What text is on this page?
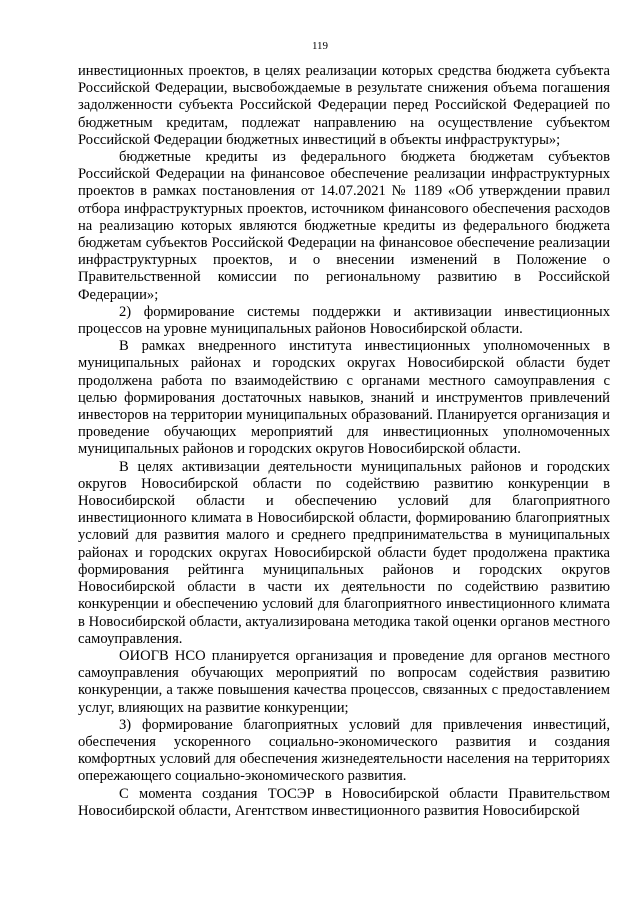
119

инвестиционных проектов, в целях реализации которых средства бюджета субъекта Российской Федерации, высвобождаемые в результате снижения объема погашения задолженности субъекта Российской Федерации перед Российской Федерацией по бюджетным кредитам, подлежат направлению на осуществление субъектом Российской Федерации бюджетных инвестиций в объекты инфраструктуры»;

бюджетные кредиты из федерального бюджета бюджетам субъектов Российской Федерации на финансовое обеспечение реализации инфраструктурных проектов в рамках постановления от 14.07.2021 № 1189 «Об утверждении правил отбора инфраструктурных проектов, источником финансового обеспечения расходов на реализацию которых являются бюджетные кредиты из федерального бюджета бюджетам субъектов Российской Федерации на финансовое обеспечение реализации инфраструктурных проектов, и о внесении изменений в Положение о Правительственной комиссии по региональному развитию в Российской Федерации»;

2) формирование системы поддержки и активизации инвестиционных процессов на уровне муниципальных районов Новосибирской области.

В рамках внедренного института инвестиционных уполномоченных в муниципальных районах и городских округах Новосибирской области будет продолжена работа по взаимодействию с органами местного самоуправления с целью формирования достаточных навыков, знаний и инструментов привлечений инвесторов на территории муниципальных образований. Планируется организация и проведение обучающих мероприятий для инвестиционных уполномоченных муниципальных районов и городских округов Новосибирской области.

В целях активизации деятельности муниципальных районов и городских округов Новосибирской области по содействию развитию конкуренции в Новосибирской области и обеспечению условий для благоприятного инвестиционного климата в Новосибирской области, формированию благоприятных условий для развития малого и среднего предпринимательства в муниципальных районах и городских округах Новосибирской области будет продолжена практика формирования рейтинга муниципальных районов и городских округов Новосибирской области в части их деятельности по содействию развитию конкуренции и обеспечению условий для благоприятного инвестиционного климата в Новосибирской области, актуализирована методика такой оценки органов местного самоуправления.

ОИОГВ НСО планируется организация и проведение для органов местного самоуправления обучающих мероприятий по вопросам содействия развитию конкуренции, а также повышения качества процессов, связанных с предоставлением услуг, влияющих на развитие конкуренции;

3) формирование благоприятных условий для привлечения инвестиций, обеспечения ускоренного социально-экономического развития и создания комфортных условий для обеспечения жизнедеятельности населения на территориях опережающего социально-экономического развития.

С момента создания ТОСЭР в Новосибирской области Правительством Новосибирской области, Агентством инвестиционного развития Новосибирской
